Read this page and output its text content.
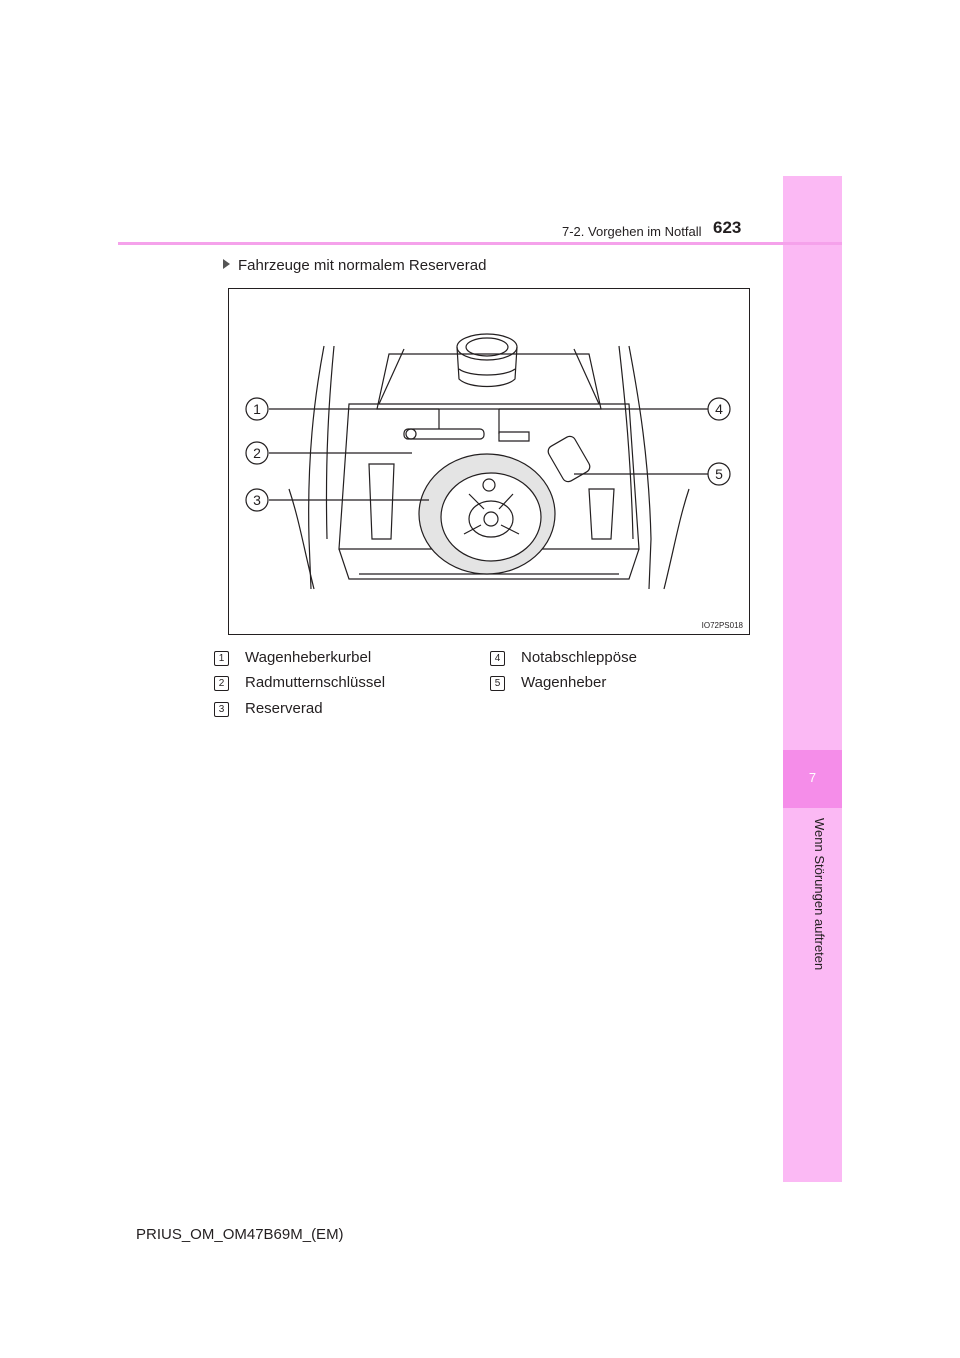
7
Wenn Störungen auftreten
7-2. Vorgehen im Notfall 623
Fahrzeuge mit normalem Reserverad
1
2
3
4
5
IO72PS018
1 Wagenheberkurbel
2 Radmutternschlüssel
3 Reserverad
4 Notabschleppöse
5 Wagenheber
PRIUS_OM_OM47B69M_(EM)
